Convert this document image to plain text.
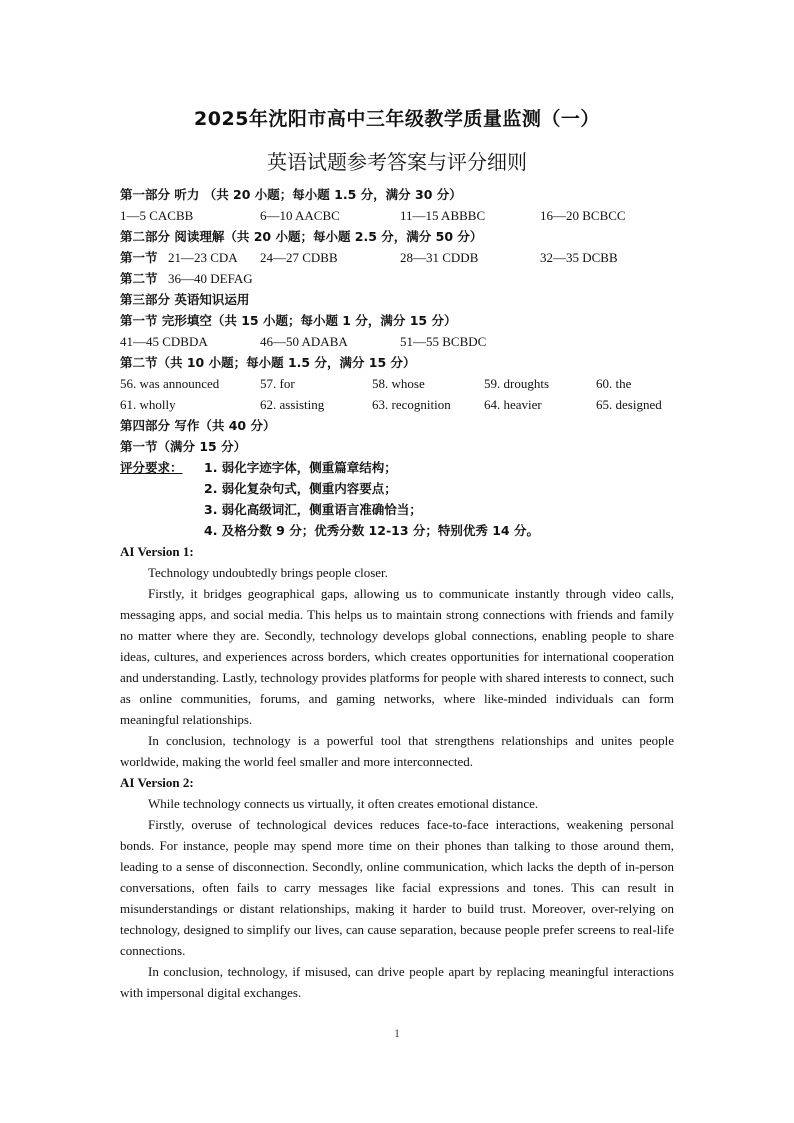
2025年沈阳市高中三年级教学质量监测（一）
英语试题参考答案与评分细则
第一部分 听力 （共 20 小题；每小题 1.5 分，满分 30 分）
1—5 CACBB	6—10 AACBC	11—15 ABBBC	16—20 BCBCC
第二部分 阅读理解（共 20 小题；每小题 2.5 分，满分 50 分）
第一节 21—23 CDA 24—27 CDBB	28—31 CDDB	32—35 DCBB
第二节 36—40 DEFAG
第三部分 英语知识运用
第一节 完形填空（共 15 小题；每小题 1 分，满分 15 分）
41—45 CDBDA	46—50 ADABA	51—55 BCBDC
第二节（共 10 小题；每小题 1.5 分，满分 15 分）
56. was announced	57. for	58. whose	59. droughts	60. the
61. wholly	62. assisting	63. recognition	64. heavier	65. designed
第四部分 写作（共 40 分）
第一节（满分 15 分）
评分要求： 1. 弱化字迹字体，侧重篇章结构；
2. 弱化复杂句式，侧重内容要点；
3. 弱化高级词汇，侧重语言准确恰当；
4. 及格分数 9 分；优秀分数 12-13 分；特别优秀 14 分。
AI Version 1:

Technology undoubtedly brings people closer.

Firstly, it bridges geographical gaps, allowing us to communicate instantly through video calls, messaging apps, and social media. This helps us to maintain strong connections with friends and family no matter where they are. Secondly, technology develops global connections, enabling people to share ideas, cultures, and experiences across borders, which creates opportunities for international cooperation and understanding. Lastly, technology provides platforms for people with shared interests to connect, such as online communities, forums, and gaming networks, where like-minded individuals can form meaningful relationships.

In conclusion, technology is a powerful tool that strengthens relationships and unites people worldwide, making the world feel smaller and more interconnected.

AI Version 2:

While technology connects us virtually, it often creates emotional distance.

Firstly, overuse of technological devices reduces face-to-face interactions, weakening personal bonds. For instance, people may spend more time on their phones than talking to those around them, leading to a sense of disconnection. Secondly, online communication, which lacks the depth of in-person conversations, often fails to carry messages like facial expressions and tones. This can result in misunderstandings or distant relationships, making it harder to build trust. Moreover, over-relying on technology, designed to simplify our lives, can cause separation, because people prefer screens to real-life connections.

In conclusion, technology, if misused, can drive people apart by replacing meaningful interactions with impersonal digital exchanges.

1
